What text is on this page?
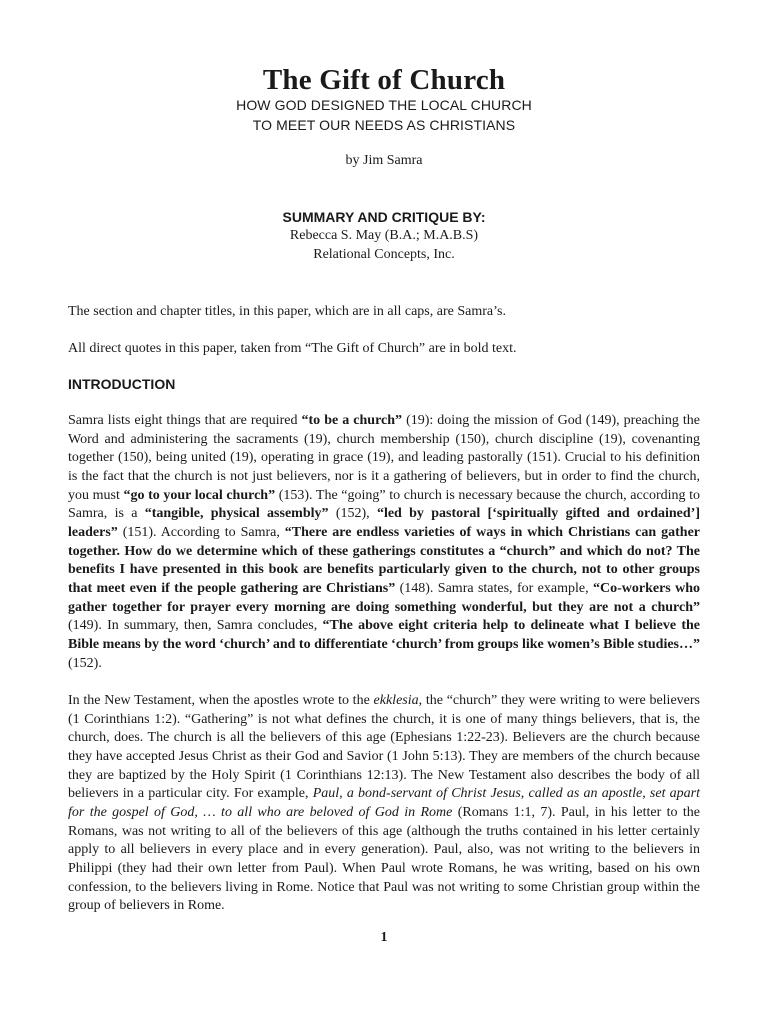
The Gift of Church
HOW GOD DESIGNED THE LOCAL CHURCH
TO MEET OUR NEEDS AS CHRISTIANS
by Jim Samra
SUMMARY AND CRITIQUE BY:
Rebecca S. May (B.A.; M.A.B.S)
Relational Concepts, Inc.

The section and chapter titles, in this paper, which are in all caps, are Samra’s.

All direct quotes in this paper, taken from “The Gift of Church” are in bold text.

INTRODUCTION

Samra lists eight things that are required “to be a church” (19): doing the mission of God (149), preaching the Word and administering the sacraments (19), church membership (150), church discipline (19), covenanting together (150), being united (19), operating in grace (19), and leading pastorally (151). Crucial to his definition is the fact that the church is not just believers, nor is it a gathering of believers, but in order to find the church, you must “go to your local church” (153). The “going” to church is necessary because the church, according to Samra, is a “tangible, physical assembly” (152), “led by pastoral [‘spiritually gifted and ordained’] leaders” (151). According to Samra, “There are endless varieties of ways in which Christians can gather together. How do we determine which of these gatherings constitutes a “church” and which do not? The benefits I have presented in this book are benefits particularly given to the church, not to other groups that meet even if the people gathering are Christians” (148). Samra states, for example, “Co-workers who gather together for prayer every morning are doing something wonderful, but they are not a church” (149). In summary, then, Samra concludes, “The above eight criteria help to delineate what I believe the Bible means by the word ‘church’ and to differentiate ‘church’ from groups like women’s Bible studies…” (152).

In the New Testament, when the apostles wrote to the ekklesia, the “church” they were writing to were believers (1 Corinthians 1:2). “Gathering” is not what defines the church, it is one of many things believers, that is, the church, does. The church is all the believers of this age (Ephesians 1:22-23). Believers are the church because they have accepted Jesus Christ as their God and Savior (1 John 5:13). They are members of the church because they are baptized by the Holy Spirit (1 Corinthians 12:13). The New Testament also describes the body of all believers in a particular city. For example, Paul, a bond-servant of Christ Jesus, called as an apostle, set apart for the gospel of God, … to all who are beloved of God in Rome (Romans 1:1, 7). Paul, in his letter to the Romans, was not writing to all of the believers of this age (although the truths contained in his letter certainly apply to all believers in every place and in every generation). Paul, also, was not writing to the believers in Philippi (they had their own letter from Paul). When Paul wrote Romans, he was writing, based on his own confession, to the believers living in Rome. Notice that Paul was not writing to some Christian group within the group of believers in Rome.

1
